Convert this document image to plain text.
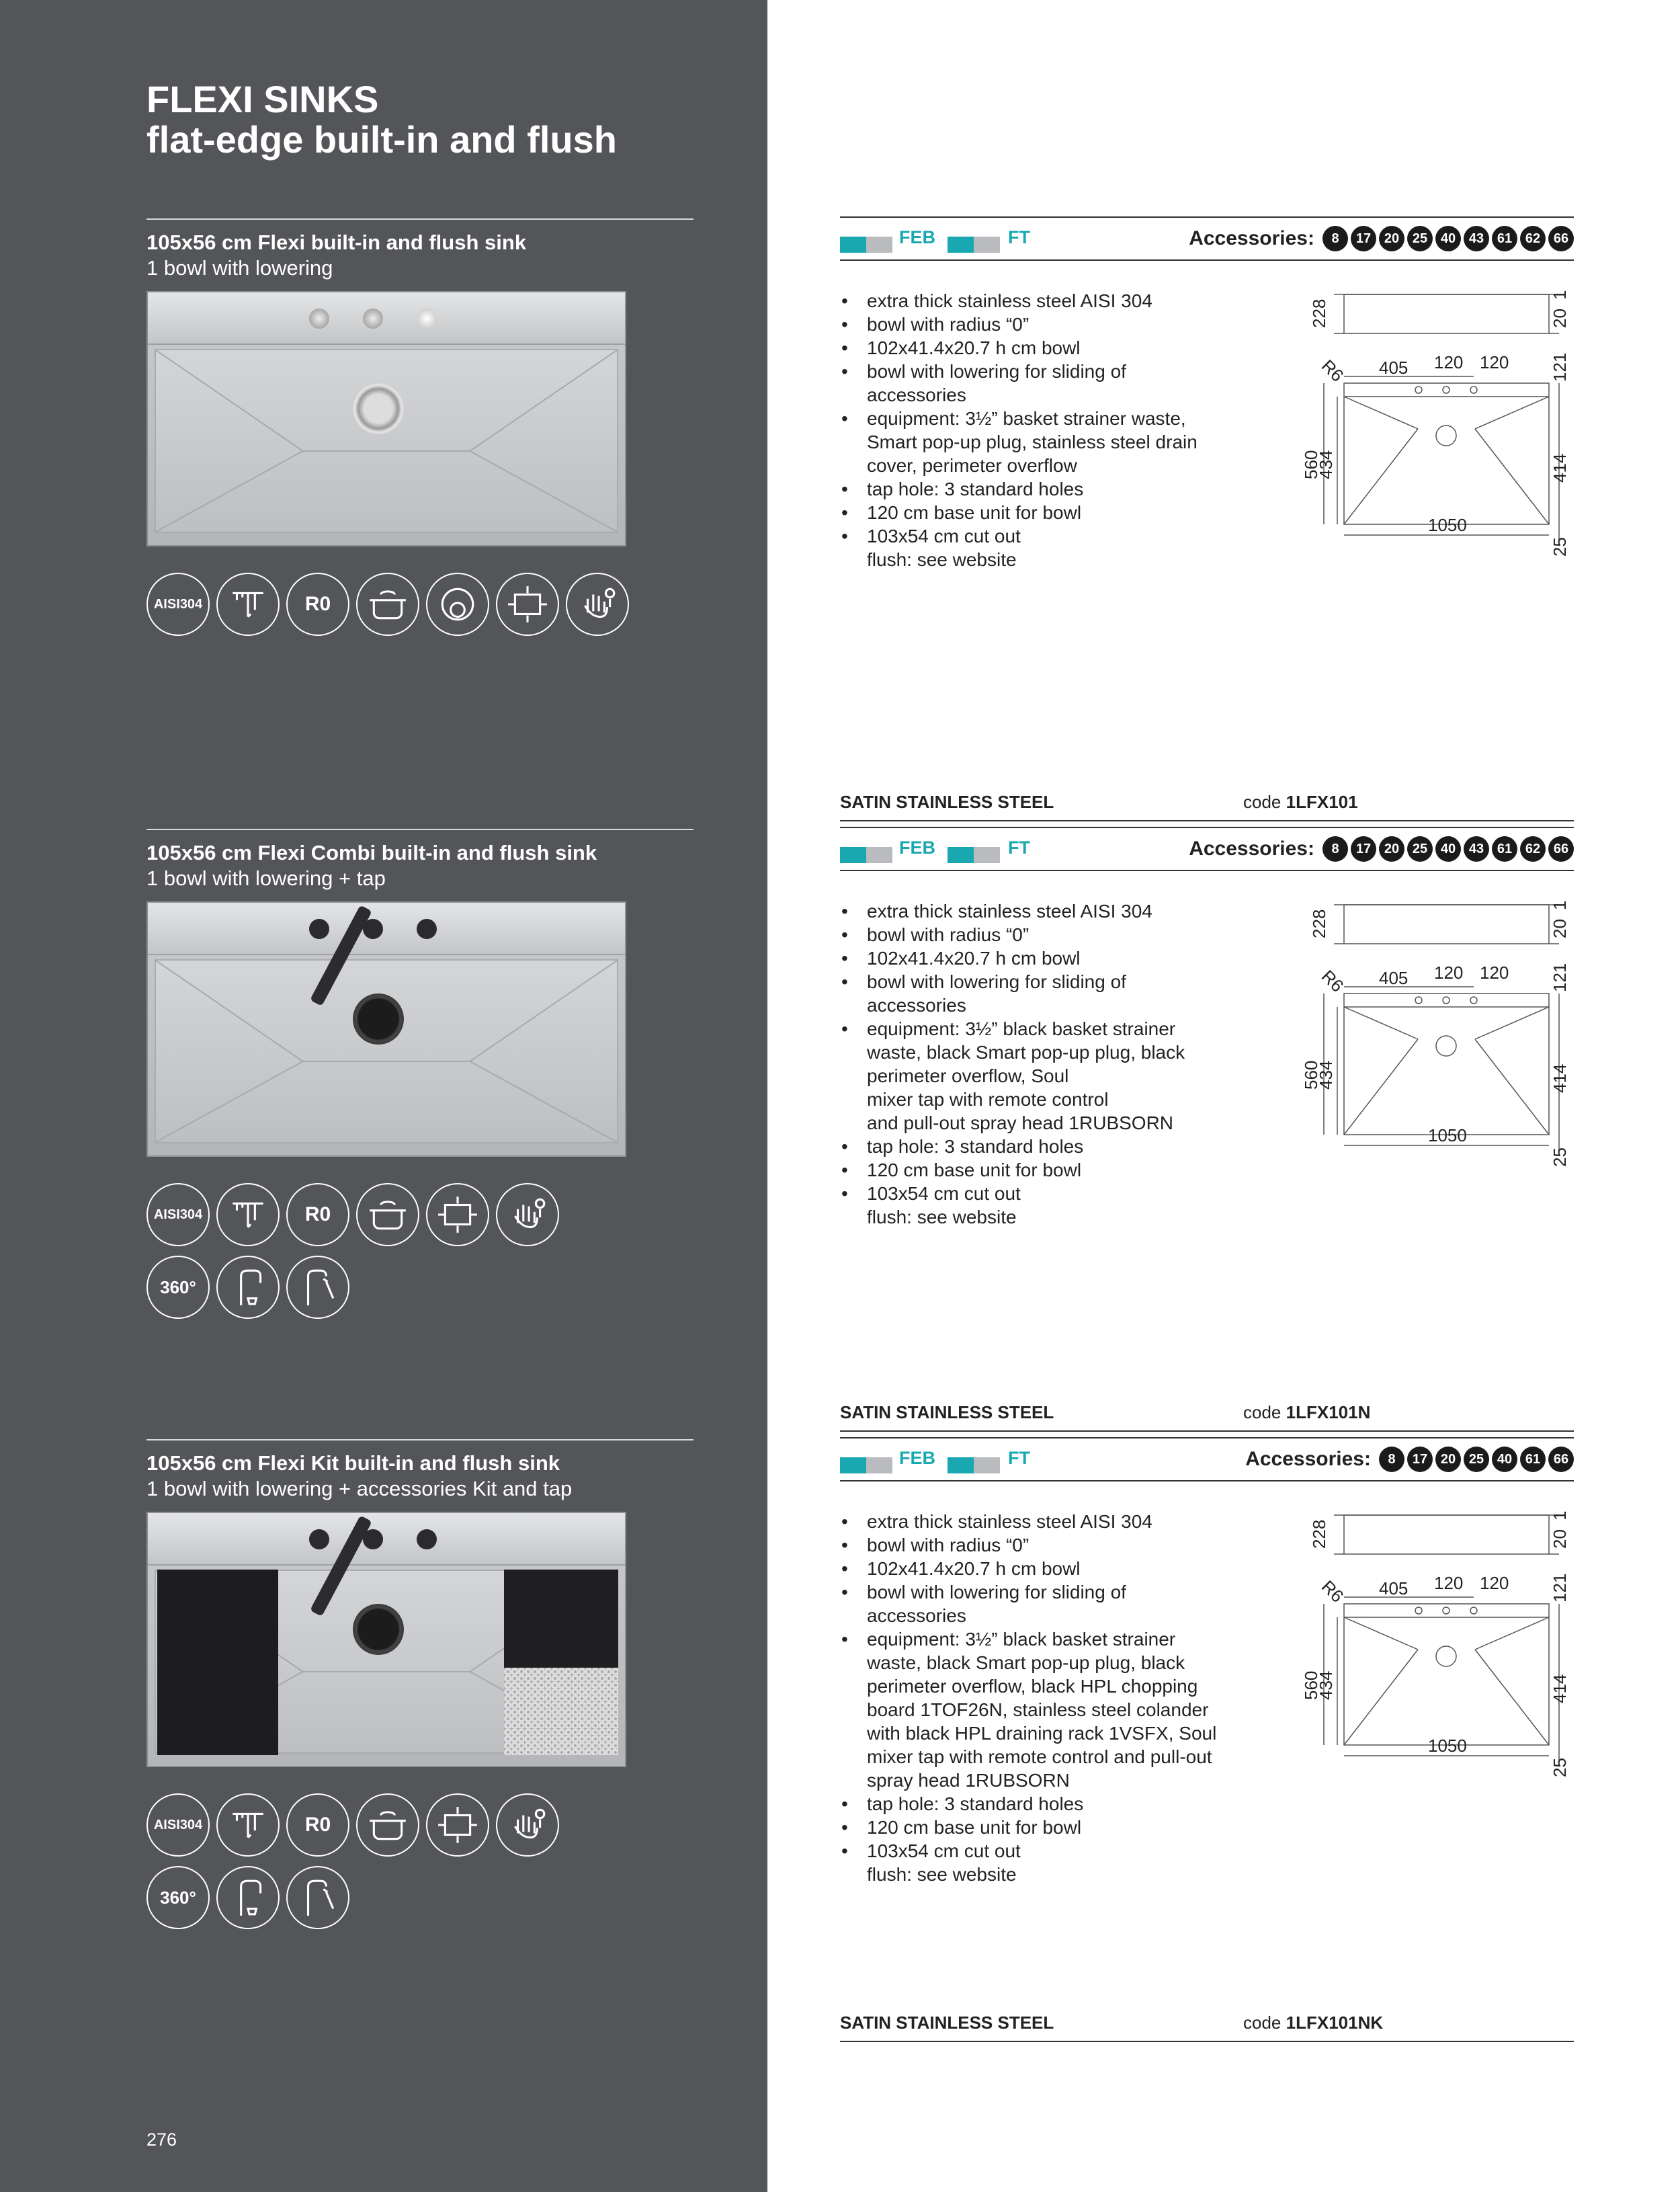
FLEXI SINKS
flat-edge built-in and flush
276
105x56 cm Flexi built-in and flush sink
1 bowl with lowering
AISI 304	R 0
FEB	FT	Accessories:	8	17 20 25 40 43 61 62 66
• extra thick stainless steel AISI 304
• bowl with radius “0”
• 102x41.4x20.7 h cm bowl
• bowl with lowering for sliding of
accessories
• equipment: 3½” basket strainer waste,
Smart pop-up plug, stainless steel drain
cover, perimeter overflow
• tap hole: 3 standard holes
• 120 cm base unit for bowl
• 103x54 cm cut out
flush: see website
228	20
1
R6 405 120 120 121
560
434	414
1050
25
SATIN STAINLESS STEEL	code 1LFX101
105x56 cm Flexi Combi built-in and flush sink
1 bowl with lowering + tap
AISI 304	R 0
360°
FEB	FT	Accessories:	8	17 20 25 40 43 61 62 66
• extra thick stainless steel AISI 304
• bowl with radius “0”
• 102x41.4x20.7 h cm bowl
• bowl with lowering for sliding of
accessories
• equipment: 3½” black basket strainer
waste, black Smart pop-up plug, black
perimeter overflow, Soul
mixer tap with remote control
and pull-out spray head 1RUBSORN
• tap hole: 3 standard holes
• 120 cm base unit for bowl
• 103x54 cm cut out
flush: see website
228	20
1
R6 405 120 120 121
560
434	414
1050
25
SATIN STAINLESS STEEL	code 1LFX101N
105x56 cm Flexi Kit built-in and flush sink
1 bowl with lowering + accessories Kit and tap
AISI 304	R 0
360°
FEB	FT	Accessories:	8	17 20 25 40 61 66
• extra thick stainless steel AISI 304
• bowl with radius “0”
• 102x41.4x20.7 h cm bowl
• bowl with lowering for sliding of
accessories
• equipment: 3½” black basket strainer
waste, black Smart pop-up plug, black
perimeter overflow, black HPL chopping
board 1TOF26N, stainless steel colander
with black HPL draining rack 1VSFX, Soul
mixer tap with remote control and pull-out
spray head 1RUBSORN
• tap hole: 3 standard holes
• 120 cm base unit for bowl
• 103x54 cm cut out
flush: see website
228	20
1
R6 405 120 120 121
560
434	414
1050
25
SATIN STAINLESS STEEL	code 1LFX101NK
